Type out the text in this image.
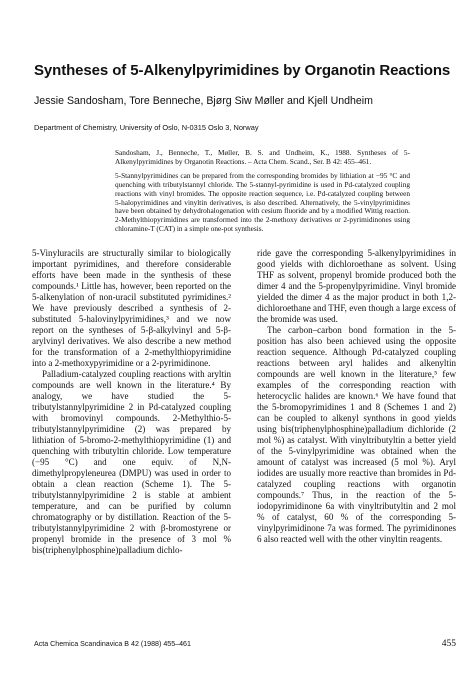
Syntheses of 5-Alkenylpyrimidines by Organotin Reactions
Jessie Sandosham, Tore Benneche, Bjørg Siw Møller and Kjell Undheim
Department of Chemistry, University of Oslo, N-0315 Oslo 3, Norway

Sandosham, J., Benneche, T., Møller, B. S. and Undheim, K., 1988. Syntheses of 5-Alkenylpyrimidines by Organotin Reactions. – Acta Chem. Scand., Ser. B 42: 455–461.

5-Stannylpyrimidines can be prepared from the corresponding bromides by lithiation at −95 °C and quenching with tributylstannyl chloride. The 5-stannyl-pyrimidine is used in Pd-catalyzed coupling reactions with vinyl bromides. The opposite reaction sequence, i.e. Pd-catalyzed coupling between 5-halopyrimidines and vinyltin derivatives, is also described. Alternatively, the 5-vinylpyrimidines have been obtained by dehydrohalogenation with cesium fluoride and by a modified Wittig reaction. 2-Methylthiopyrimidines are transformed into the 2-methoxy derivatives or 2-pyrimidinones using chloramine-T (CAT) in a simple one-pot synthesis.

5-Vinyluracils are structurally similar to biologically important pyrimidines, and therefore considerable efforts have been made in the synthesis of these compounds.¹ Little has, however, been reported on the 5-alkenylation of non-uracil substituted pyrimidines.² We have previously described a synthesis of 2-substituted 5-halovinylpyrimidines,³ and we now report on the syntheses of 5-β-alkylvinyl and 5-β-arylvinyl derivatives. We also describe a new method for the transformation of a 2-methylthiopyrimidine into a 2-methoxypyrimidine or a 2-pyrimidinone.

Palladium-catalyzed coupling reactions with aryltin compounds are well known in the literature.⁴ By analogy, we have studied the 5-tributylstannylpyrimidine 2 in Pd-catalyzed coupling with bromovinyl compounds. 2-Methylthio-5-tributylstannylpyrimidine (2) was prepared by lithiation of 5-bromo-2-methylthiopyrimidine (1) and quenching with tributyltin chloride. Low temperature (−95 °C) and one equiv. of N,N-dimethylpropyleneurea (DMPU) was used in order to obtain a clean reaction (Scheme 1). The 5-tributylstannylpyrimidine 2 is stable at ambient temperature, and can be purified by column chromatography or by distillation. Reaction of the 5-tributylstannylpyrimidine 2 with β-bromostyrene or propenyl bromide in the presence of 3 mol % bis(triphenylphosphine)palladium dichlo-

ride gave the corresponding 5-alkenylpyrimidines in good yields with dichloroethane as solvent. Using THF as solvent, propenyl bromide produced both the dimer 4 and the 5-propenylpyrimidine. Vinyl bromide yielded the dimer 4 as the major product in both 1,2-dichloroethane and THF, even though a large excess of the bromide was used.

The carbon–carbon bond formation in the 5-position has also been achieved using the opposite reaction sequence. Although Pd-catalyzed coupling reactions between aryl halides and alkenyltin compounds are well known in the literature,⁵ few examples of the corresponding reaction with heterocyclic halides are known.⁶ We have found that the 5-bromopyrimidines 1 and 8 (Schemes 1 and 2) can be coupled to alkenyl synthons in good yields using bis(triphenylphosphine)palladium dichloride (2 mol %) as catalyst. With vinyltributyltin a better yield of the 5-vinylpyrimidine was obtained when the amount of catalyst was increased (5 mol %). Aryl iodides are usually more reactive than bromides in Pd-catalyzed coupling reactions with organotin compounds.⁷ Thus, in the reaction of the 5-iodopyrimidinone 6a with vinyltributyltin and 2 mol % of catalyst, 60 % of the corresponding 5-vinylpyrimidinone 7a was formed. The pyrimidinones 6 also reacted well with the other vinyltin reagents.

Acta Chemica Scandinavica B 42 (1988) 455–461	455
